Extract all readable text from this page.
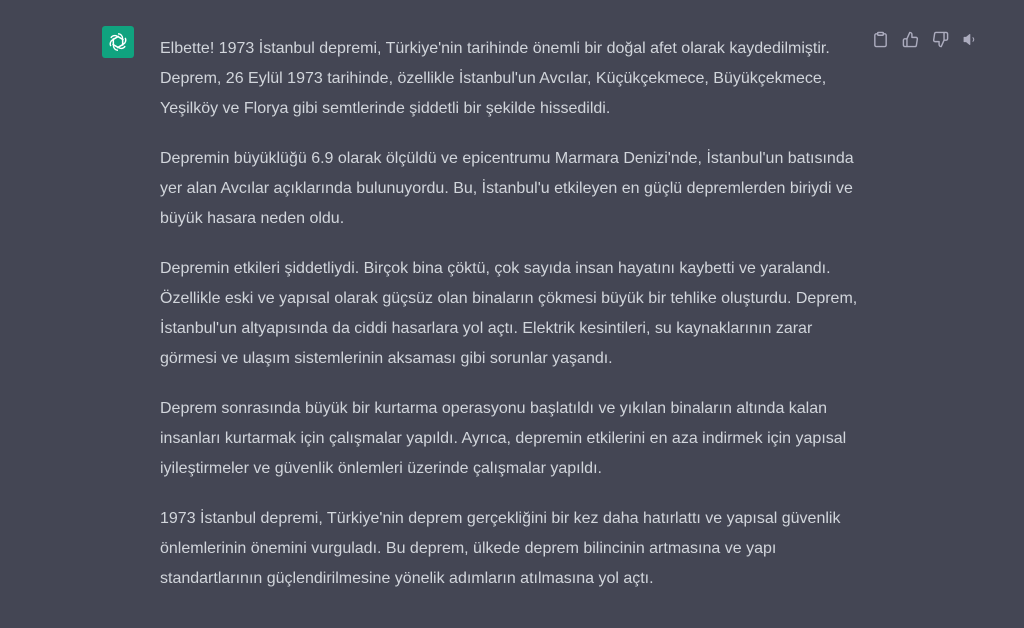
Elbette! 1973 İstanbul depremi, Türkiye'nin tarihinde önemli bir doğal afet olarak kaydedilmiştir. Deprem, 26 Eylül 1973 tarihinde, özellikle İstanbul'un Avcılar, Küçükçekmece, Büyükçekmece, Yeşilköy ve Florya gibi semtlerinde şiddetli bir şekilde hissedildi.

Depremin büyüklüğü 6.9 olarak ölçüldü ve epicentrumu Marmara Denizi'nde, İstanbul'un batısında yer alan Avcılar açıklarında bulunuyordu. Bu, İstanbul'u etkileyen en güçlü depremlerden biriydi ve büyük hasara neden oldu.

Depremin etkileri şiddetliydi. Birçok bina çöktü, çok sayıda insan hayatını kaybetti ve yaralandı. Özellikle eski ve yapısal olarak güçsüz olan binaların çökmesi büyük bir tehlike oluşturdu. Deprem, İstanbul'un altyapısında da ciddi hasarlara yol açtı. Elektrik kesintileri, su kaynaklarının zarar görmesi ve ulaşım sistemlerinin aksaması gibi sorunlar yaşandı.

Deprem sonrasında büyük bir kurtarma operasyonu başlatıldı ve yıkılan binaların altında kalan insanları kurtarmak için çalışmalar yapıldı. Ayrıca, depremin etkilerini en aza indirmek için yapısal iyileştirmeler ve güvenlik önlemleri üzerinde çalışmalar yapıldı.

1973 İstanbul depremi, Türkiye'nin deprem gerçekliğini bir kez daha hatırlattı ve yapısal güvenlik önlemlerinin önemini vurguladı. Bu deprem, ülkede deprem bilincinin artmasına ve yapı standartlarının güçlendirilmesine yönelik adımların atılmasına yol açtı.
